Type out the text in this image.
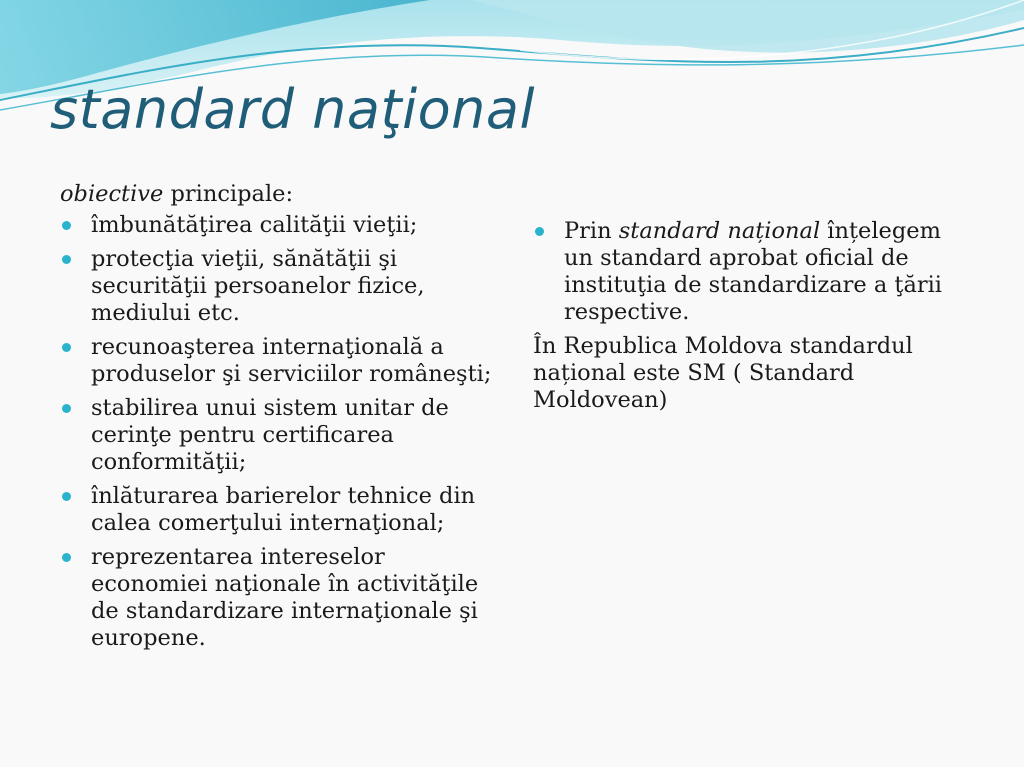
standard naţional

obiective principale:

îmbunătăţirea calităţii vieţii;
protecţia vieţii, sănătăţii şi securităţii persoanelor fizice, mediului etc.
recunoaşterea internaţională a produselor şi serviciilor româneşti;
stabilirea unui sistem unitar de cerinţe pentru certificarea conformităţii;
înlăturarea barierelor tehnice din calea comerţului internaţional;
reprezentarea intereselor economiei naţionale în activităţile de standardizare internaţionale şi europene.
Prin standard național înțelegem un standard aprobat oficial de instituţia de standardizare a ţării respective.

În Republica Moldova standardul național este SM ( Standard Moldovean)
